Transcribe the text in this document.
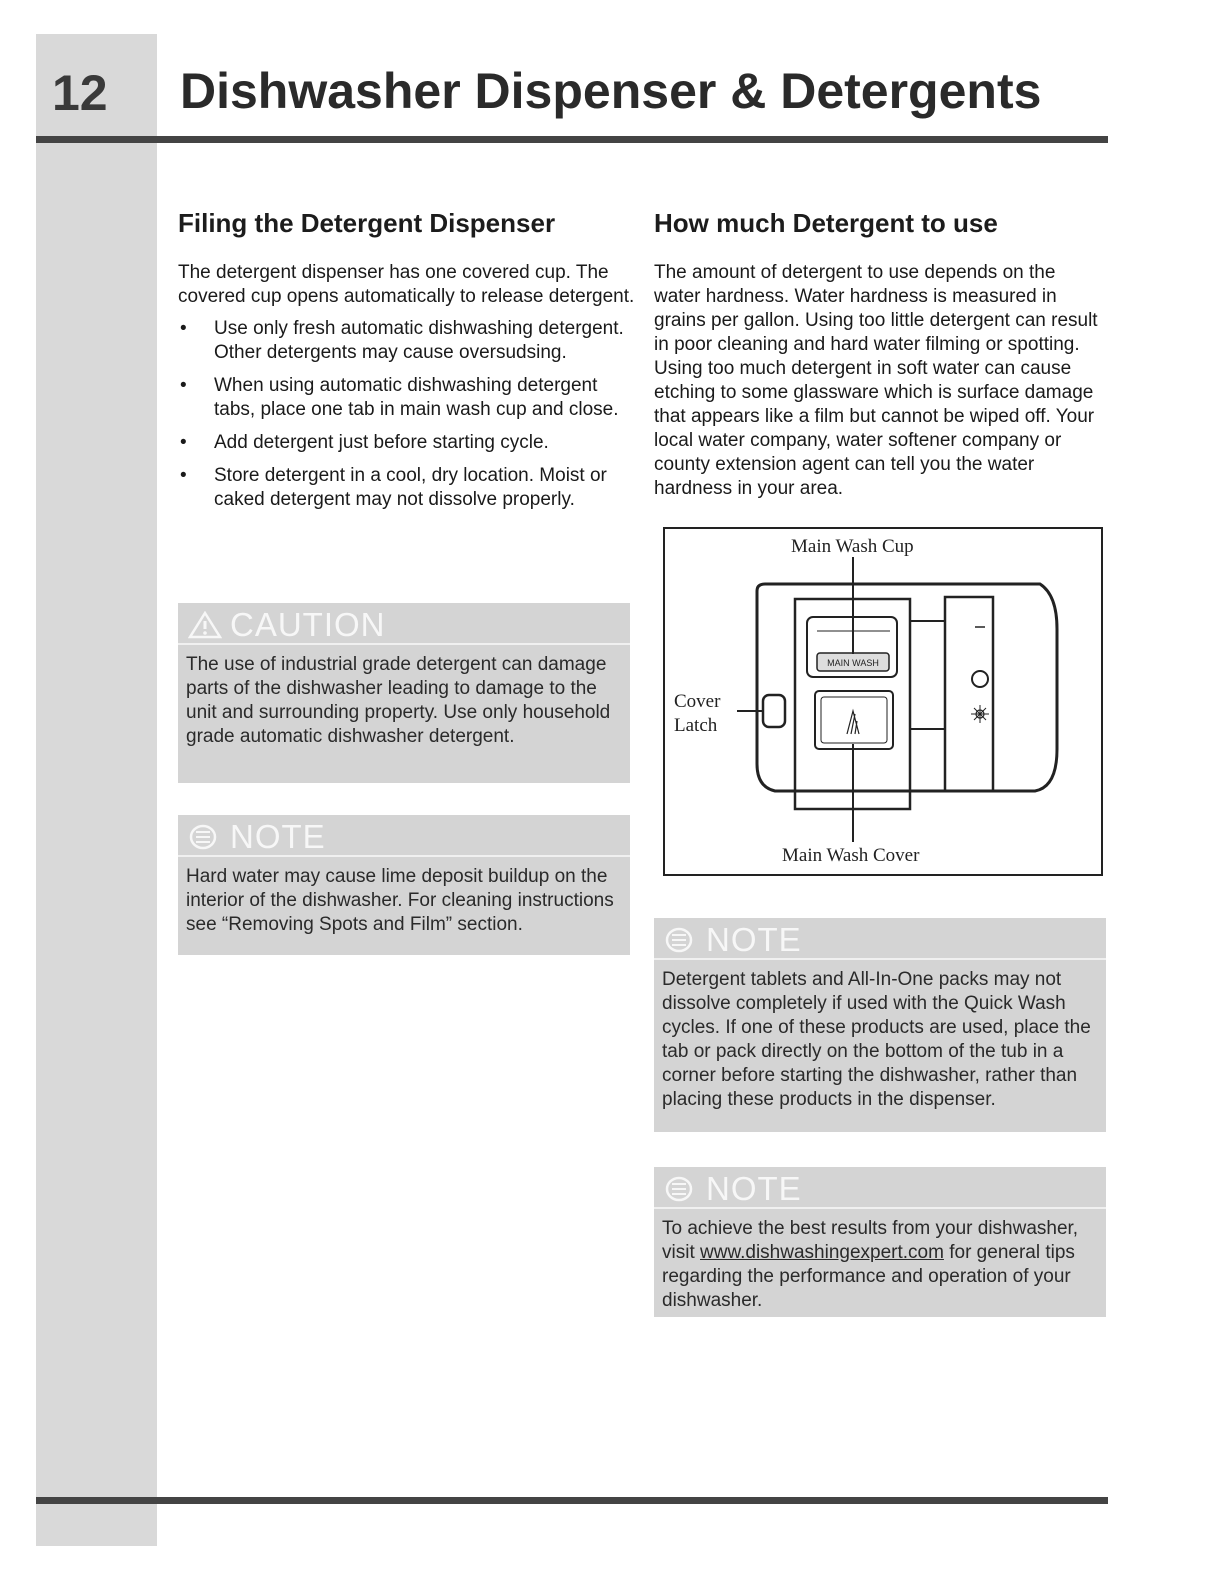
12 Dishwasher Dispenser & Detergents
Filing the Detergent Dispenser

The detergent dispenser has one covered cup. The covered cup opens automatically to release detergent.

• Use only fresh automatic dishwashing detergent. Other detergents may cause oversudsing.
• When using automatic dishwashing detergent tabs, place one tab in main wash cup and close.
• Add detergent just before starting cycle.
• Store detergent in a cool, dry location. Moist or caked detergent may not dissolve properly.
CAUTION
The use of industrial grade detergent can damage parts of the dishwasher leading to damage to the unit and surrounding property. Use only household grade automatic dishwasher detergent.
NOTE
Hard water may cause lime deposit buildup on the interior of the dishwasher. For cleaning instructions see “Removing Spots and Film” section.
How much Detergent to use

The amount of detergent to use depends on the water hardness. Water hardness is measured in grains per gallon. Using too little detergent can result in poor cleaning and hard water filming or spotting. Using too much detergent in soft water can cause etching to some glassware which is surface damage that appears like a film but cannot be wiped off. Your local water company, water softener company or county extension agent can tell you the water hardness in your area.

MAIN WASH
Main Wash Cup
Cover
Latch
Main Wash Cover
NOTE
Detergent tablets and All-In-One packs may not dissolve completely if used with the Quick Wash cycles. If one of these products are used, place the tab or pack directly on the bottom of the tub in a corner before starting the dishwasher, rather than placing these products in the dispenser.
NOTE
To achieve the best results from your dishwasher, visit www.dishwashingexpert.com for general tips regarding the performance and operation of your dishwasher.
